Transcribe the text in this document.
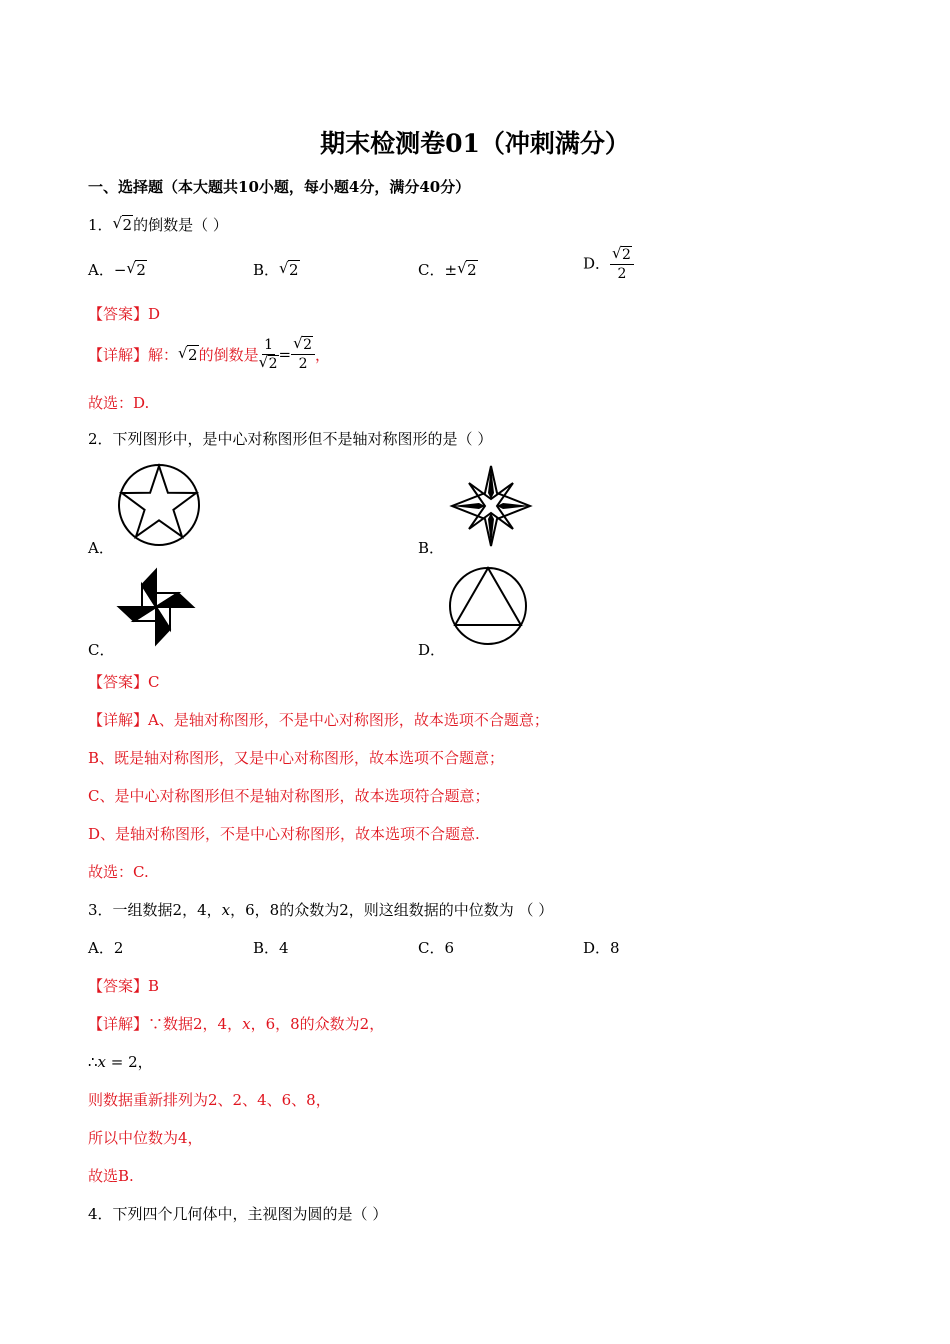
期末检测卷01（冲刺满分）
一、选择题（本大题共10小题，每小题4分，满分40分）
1． √ 2的倒数是（ ）
A．− √ 2	B． √ 2	C．± √ 2	D． $\frac{√ 2}{2}$
【答案】D
【详解】解： √ 2的倒数是 $\frac{1}{√ 2} = \frac{√ 2}{2}$ ，
故选：D.
2．下列图形中，是中心对称图形但不是轴对称图形的是（ ）
A．	B．
C．	D．
【答案】C
【详解】A、是轴对称图形，不是中心对称图形，故本选项不合题意；
B、既是轴对称图形，又是中心对称图形，故本选项不合题意；
C、是中心对称图形但不是轴对称图形，故本选项符合题意；
D、是轴对称图形，不是中心对称图形，故本选项不合题意.
故选：C.
3．一组数据2，4，x，6，8的众数为2，则这组数据的中位数为 （ ）
A．2	B．4	C．6	D．8
【答案】B
【详解】∵数据2，4，x，6，8的众数为2，
∴x = 2，
则数据重新排列为2、2、4、6、8，
所以中位数为4，
故选B.
4．下列四个几何体中，主视图为圆的是（ ）
